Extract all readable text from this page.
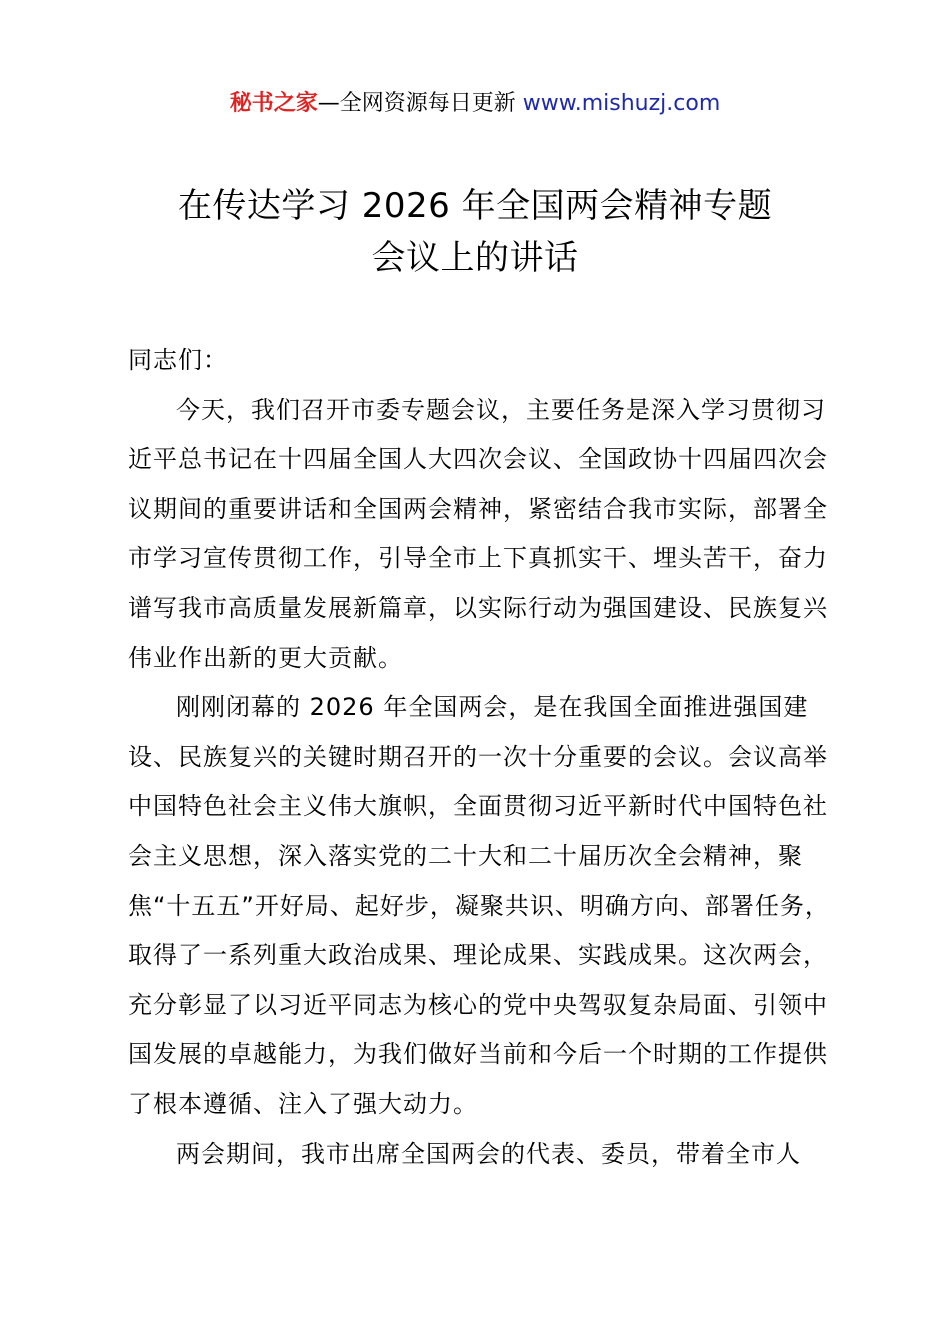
秘书之家—全网资源每日更新 www.mishuzj.com
在传达学习 2026 年全国两会精神专题
会议上的讲话

同志们：

今天，我们召开市委专题会议，主要任务是深入学习贯彻习近平总书记在十四届全国人大四次会议、全国政协十四届四次会议期间的重要讲话和全国两会精神，紧密结合我市实际，部署全市学习宣传贯彻工作，引导全市上下真抓实干、埋头苦干，奋力谱写我市高质量发展新篇章，以实际行动为强国建设、民族复兴伟业作出新的更大贡献。

刚刚闭幕的 2026 年全国两会，是在我国全面推进强国建设、民族复兴的关键时期召开的一次十分重要的会议。会议高举中国特色社会主义伟大旗帜，全面贯彻习近平新时代中国特色社会主义思想，深入落实党的二十大和二十届历次全会精神，聚焦“十五五”开好局、起好步，凝聚共识、明确方向、部署任务，取得了一系列重大政治成果、理论成果、实践成果。这次两会，充分彰显了以习近平同志为核心的党中央驾驭复杂局面、引领中国发展的卓越能力，为我们做好当前和今后一个时期的工作提供了根本遵循、注入了强大动力。

两会期间，我市出席全国两会的代表、委员，带着全市人
